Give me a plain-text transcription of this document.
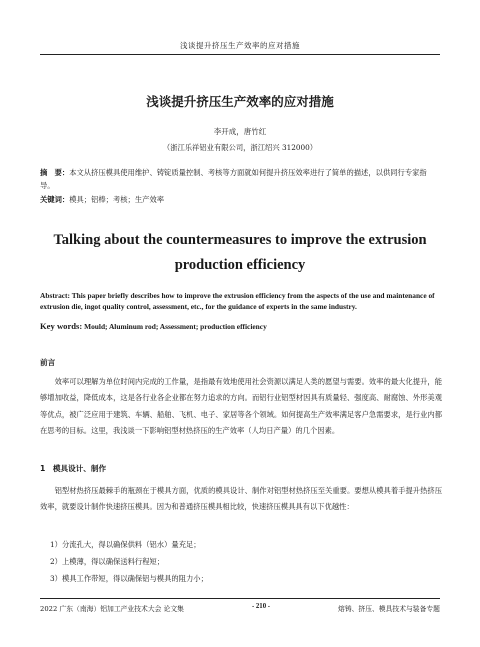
浅谈提升挤压生产效率的应对措施
浅谈提升挤压生产效率的应对措施
李开成，唐竹红
（浙江乐祥铝业有限公司，浙江绍兴 312000）
摘　要：本文从挤压模具使用维护、铸锭质量控制、考核等方面就如何提升挤压效率进行了简单的描述，以供同行专家指导。
关键词：模具；铝棒；考核；生产效率
Talking about the countermeasures to improve the extrusion production efficiency
Abstract: This paper briefly describes how to improve the extrusion efficiency from the aspects of the use and maintenance of extrusion die, ingot quality control, assessment, etc., for the guidance of experts in the same industry.
Key words: Mould; Aluminum rod; Assessment; production efficiency
前言
效率可以理解为单位时间内完成的工作量，是指最有效地使用社会资源以满足人类的愿望与需要。效率的最大化提升，能够增加收益，降低成本，这是各行业各企业都在努力追求的方向。而铝行业铝型材因具有质量轻、强度高、耐腐蚀、外形美观等优点，被广泛应用于建筑、车辆、船舶、飞机、电子、家居等各个领域。如何提高生产效率满足客户急需要求，是行业内都在思考的目标。这里，我浅谈一下影响铝型材热挤压的生产效率（人均日产量）的几个因素。
1　模具设计、制作
铝型材热挤压最棘手的瓶颈在于模具方面，优质的模具设计、制作对铝型材热挤压至关重要。要想从模具着手提升热挤压效率，就要设计制作快速挤压模具。因为和普通挤压模具相比较，快速挤压模具具有以下优越性：
1）分流孔大，得以确保供料（铝水）量充足；
2）上模薄，得以确保送料行程短；
3）模具工作带短，得以确保铝与模具的阻力小；
2022 广东（南海）铝加工产业技术大会 论文集	- 210 -	熔铸、挤压、模具技术与装备专题
